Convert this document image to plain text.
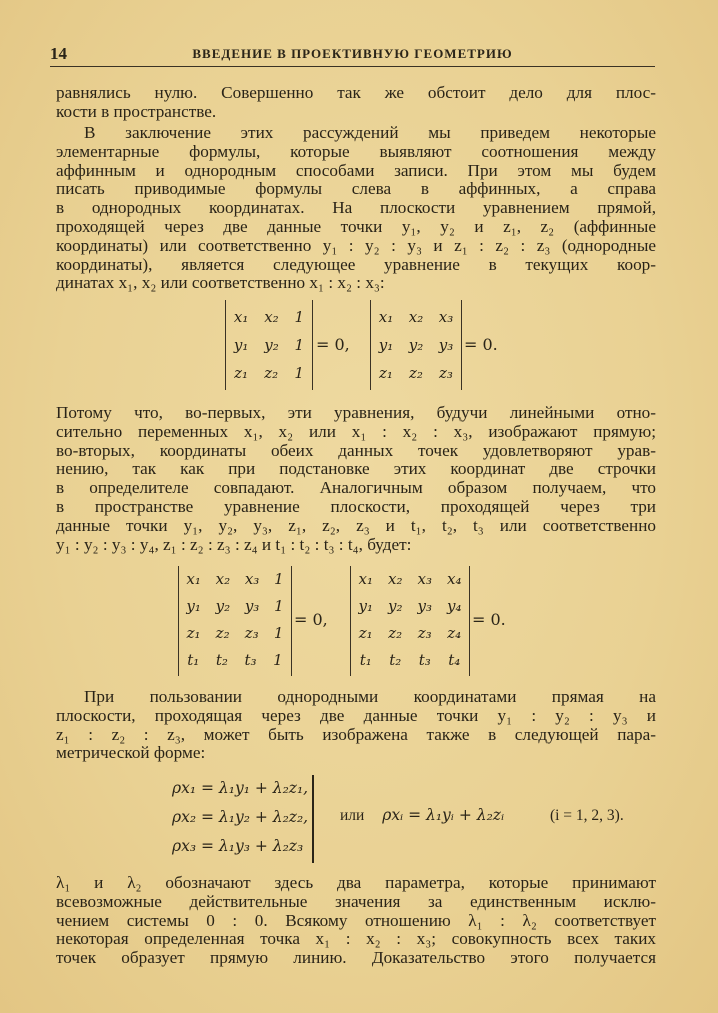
14	ВВЕДЕНИЕ В ПРОЕКТИВНУЮ ГЕОМЕТРИЮ
равнялись нулю. Совершенно так же обстоит дело для плос-
кости в пространстве.
В заключение этих рассуждений мы приведем некоторые
элементарные формулы, которые выявляют соотношения между
аффинным и однородным способами записи. При этом мы будем
писать приводимые формулы слева в аффинных, а справа
в однородных координатах. На плоскости уравнением прямой,
проходящей через две данные точки y₁, y₂ и z₁, z₂ (аффинные
координаты) или соответственно y₁ : y₂ : y₃ и z₁ : z₂ : z₃ (однородные
координаты), является следующее уравнение в текущих коор-
динатах x₁, x₂ или соответственно x₁ : x₂ : x₃:
x₁ x₂ 1
y₁ y₂ 1
z₁ z₂ 1
= 0,
x₁ x₂ x₃
y₁ y₂ y₃
z₁ z₂ z₃
= 0.
Потому что, во-первых, эти уравнения, будучи линейными отно-
сительно переменных x₁, x₂ или x₁ : x₂ : x₃, изображают прямую;
во-вторых, координаты обеих данных точек удовлетворяют урав-
нению, так как при подстановке этих координат две строчки
в определителе совпадают. Аналогичным образом получаем, что
в пространстве уравнение плоскости, проходящей через три
данные точки y₁, y₂, y₃, z₁, z₂, z₃ и t₁, t₂, t₃ или соответственно
y₁ : y₂ : y₃ : y₄, z₁ : z₂ : z₃ : z₄ и t₁ : t₂ : t₃ : t₄, будет:
x₁ x₂ x₃ 1
y₁ y₂ y₃ 1
z₁ z₂ z₃ 1
t₁ t₂ t₃ 1
= 0,
x₁ x₂ x₃ x₄
y₁ y₂ y₃ y₄
z₁ z₂ z₃ z₄
t₁ t₂ t₃ t₄
= 0.
При пользовании однородными координатами прямая на
плоскости, проходящая через две данные точки y₁ : y₂ : y₃ и
z₁ : z₂ : z₃, может быть изображена также в следующей пара-
метрической форме:
ρx₁ = λ₁y₁ + λ₂z₁,
ρx₂ = λ₁y₂ + λ₂z₂,
ρx₃ = λ₁y₃ + λ₂z₃
или ρxᵢ = λ₁yᵢ + λ₂zᵢ	(i = 1, 2, 3).
λ₁ и λ₂ обозначают здесь два параметра, которые принимают
всевозможные действительные значения за единственным исклю-
чением системы 0 : 0. Всякому отношению λ₁ : λ₂ соответствует
некоторая определенная точка x₁ : x₂ : x₃; совокупность всех таких
точек образует прямую линию. Доказательство этого получается
